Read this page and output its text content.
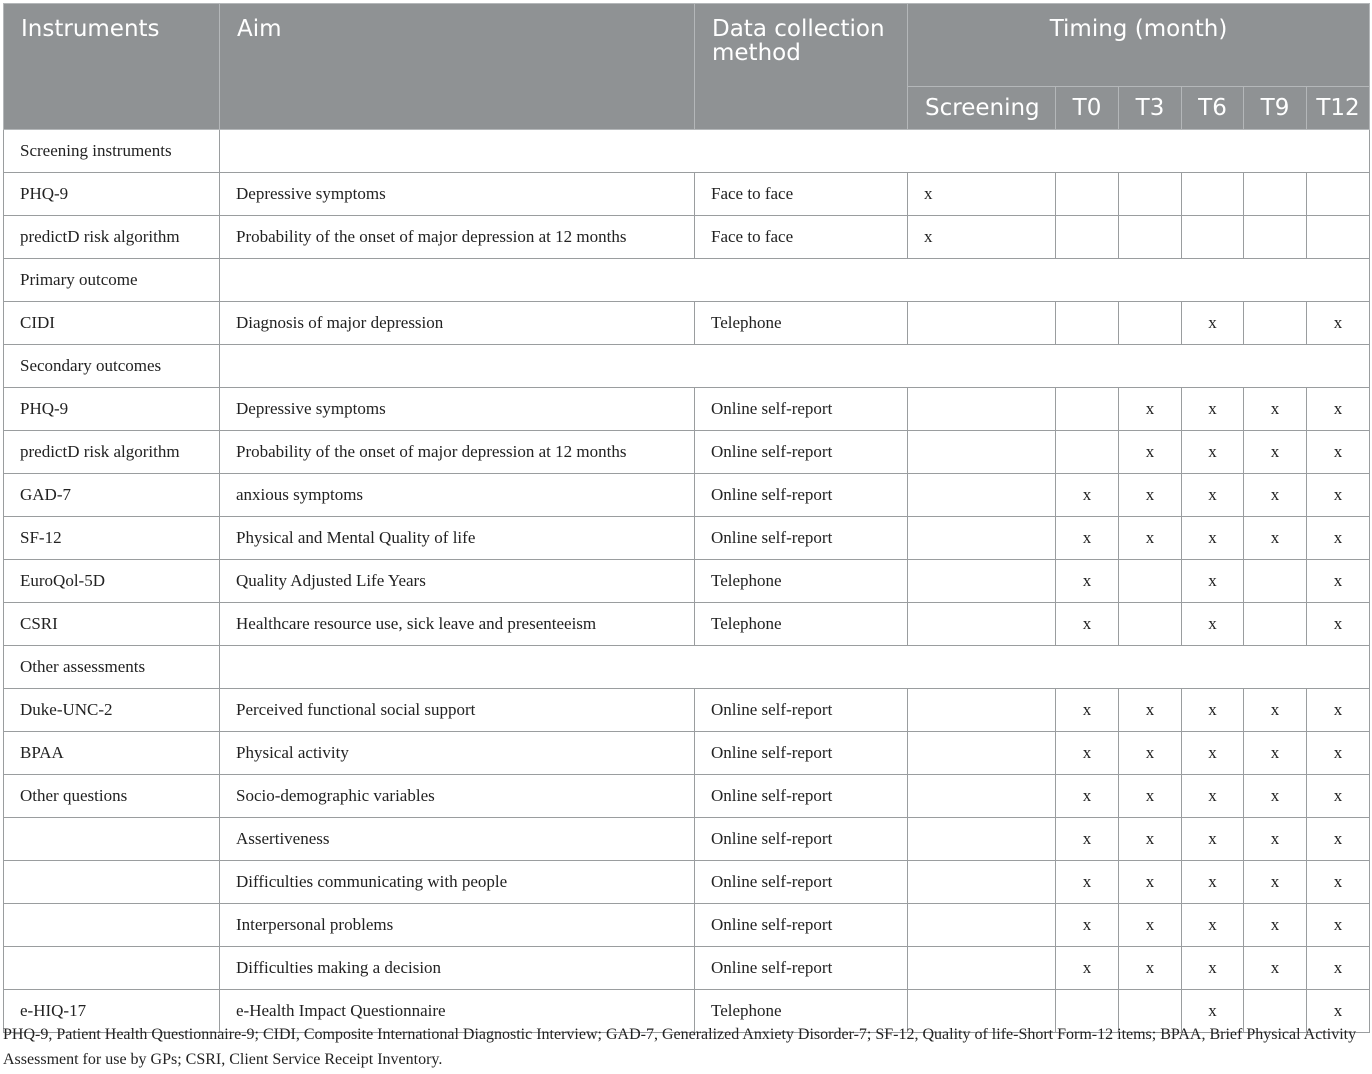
Instruments	Aim	Data collection method	Timing (month)					
			Screening	T0	T3	T6	T9	T12
Screening instruments								
PHQ-9	Depressive symptoms	Face to face	x					
predictD risk algorithm	Probability of the onset of major depression at 12 months	Face to face	x					
Primary outcome								
CIDI	Diagnosis of major depression	Telephone				x		x
Secondary outcomes								
PHQ-9	Depressive symptoms	Online self-report			x	x	x	x
predictD risk algorithm	Probability of the onset of major depression at 12 months	Online self-report			x	x	x	x
GAD-7	anxious symptoms	Online self-report		x	x	x	x	x
SF-12	Physical and Mental Quality of life	Online self-report		x	x	x	x	x
EuroQol-5D	Quality Adjusted Life Years	Telephone		x		x		x
CSRI	Healthcare resource use, sick leave and presenteeism	Telephone		x		x		x
Other assessments								
Duke-UNC-2	Perceived functional social support	Online self-report		x	x	x	x	x
BPAA	Physical activity	Online self-report		x	x	x	x	x
Other questions	Socio-demographic variables	Online self-report		x	x	x	x	x
	Assertiveness	Online self-report		x	x	x	x	x
	Difficulties communicating with people	Online self-report		x	x	x	x	x
	Interpersonal problems	Online self-report		x	x	x	x	x
	Difficulties making a decision	Online self-report		x	x	x	x	x
e-HIQ-17	e-Health Impact Questionnaire	Telephone				x		x
PHQ-9, Patient Health Questionnaire-9; CIDI, Composite International Diagnostic Interview; GAD-7, Generalized Anxiety Disorder-7; SF-12, Quality of life-Short Form-12 items; BPAA, Brief Physical Activity Assessment for use by GPs; CSRI, Client Service Receipt Inventory.
